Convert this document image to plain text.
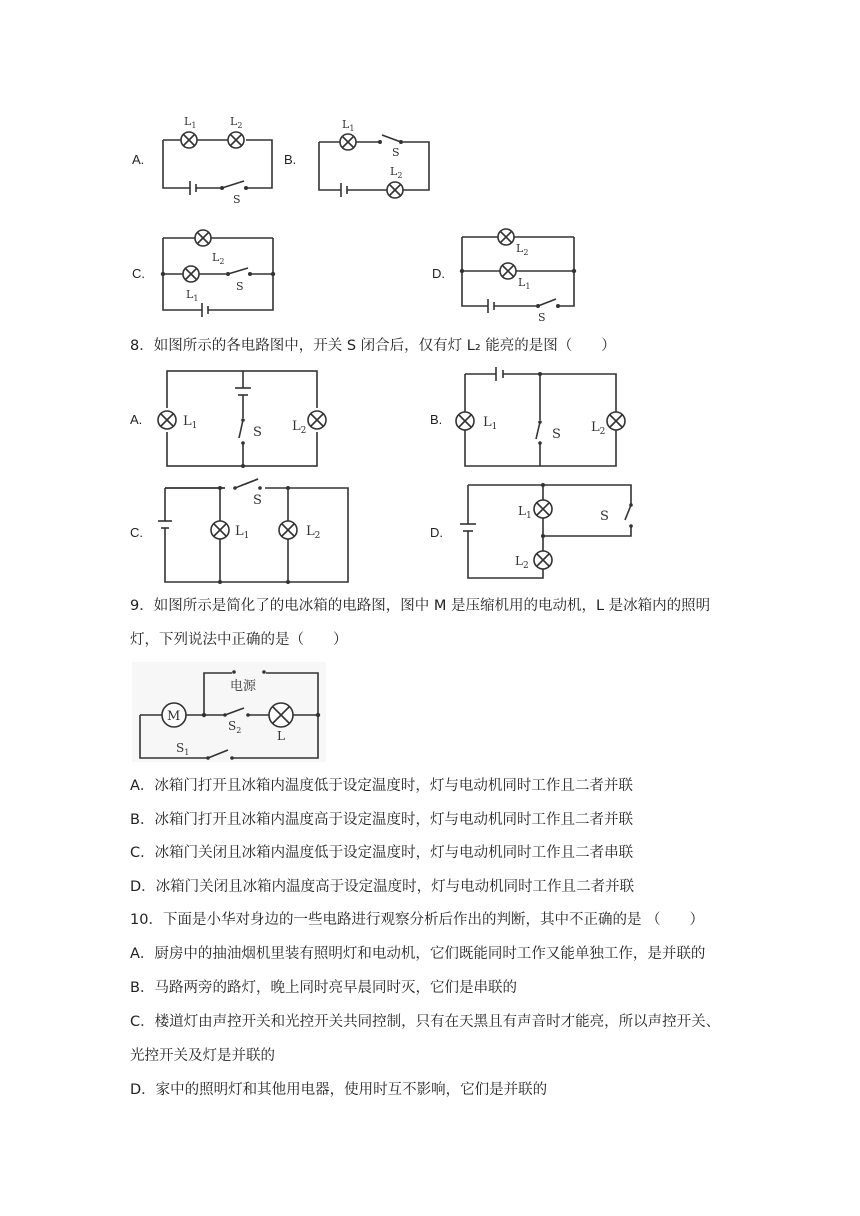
A.	B.
C.	D.
$L_1$	$L_2$
S
$L_1$
S
$L_2$
$L_2$
$L_1$
S
$L_2$
$L_1$
S
8．如图所示的各电路图中，开关 S 闭合后，仅有灯 L₂ 能亮的是图（　　）
A.	B.
C.	D.
$L_1$	S $L_2$
$L_1$	S $L_2$
S
$L_1$	$L_2$
$L_1$	S
$L_2$
9．如图所示是简化了的电冰箱的电路图，图中 M 是压缩机用的电动机，L 是冰箱内的照明
灯，下列说法中正确的是（　　）
M
电源
$S_2$	L
$S_1$
A．冰箱门打开且冰箱内温度低于设定温度时，灯与电动机同时工作且二者并联
B．冰箱门打开且冰箱内温度高于设定温度时，灯与电动机同时工作且二者并联
C．冰箱门关闭且冰箱内温度低于设定温度时，灯与电动机同时工作且二者串联
D．冰箱门关闭且冰箱内温度高于设定温度时，灯与电动机同时工作且二者并联
10．下面是小华对身边的一些电路进行观察分析后作出的判断，其中不正确的是 （　　）
A．厨房中的抽油烟机里装有照明灯和电动机，它们既能同时工作又能单独工作，是并联的
B．马路两旁的路灯，晚上同时亮早晨同时灭，它们是串联的
C．楼道灯由声控开关和光控开关共同控制，只有在天黑且有声音时才能亮，所以声控开关、
光控开关及灯是并联的
D．家中的照明灯和其他用电器，使用时互不影响，它们是并联的
